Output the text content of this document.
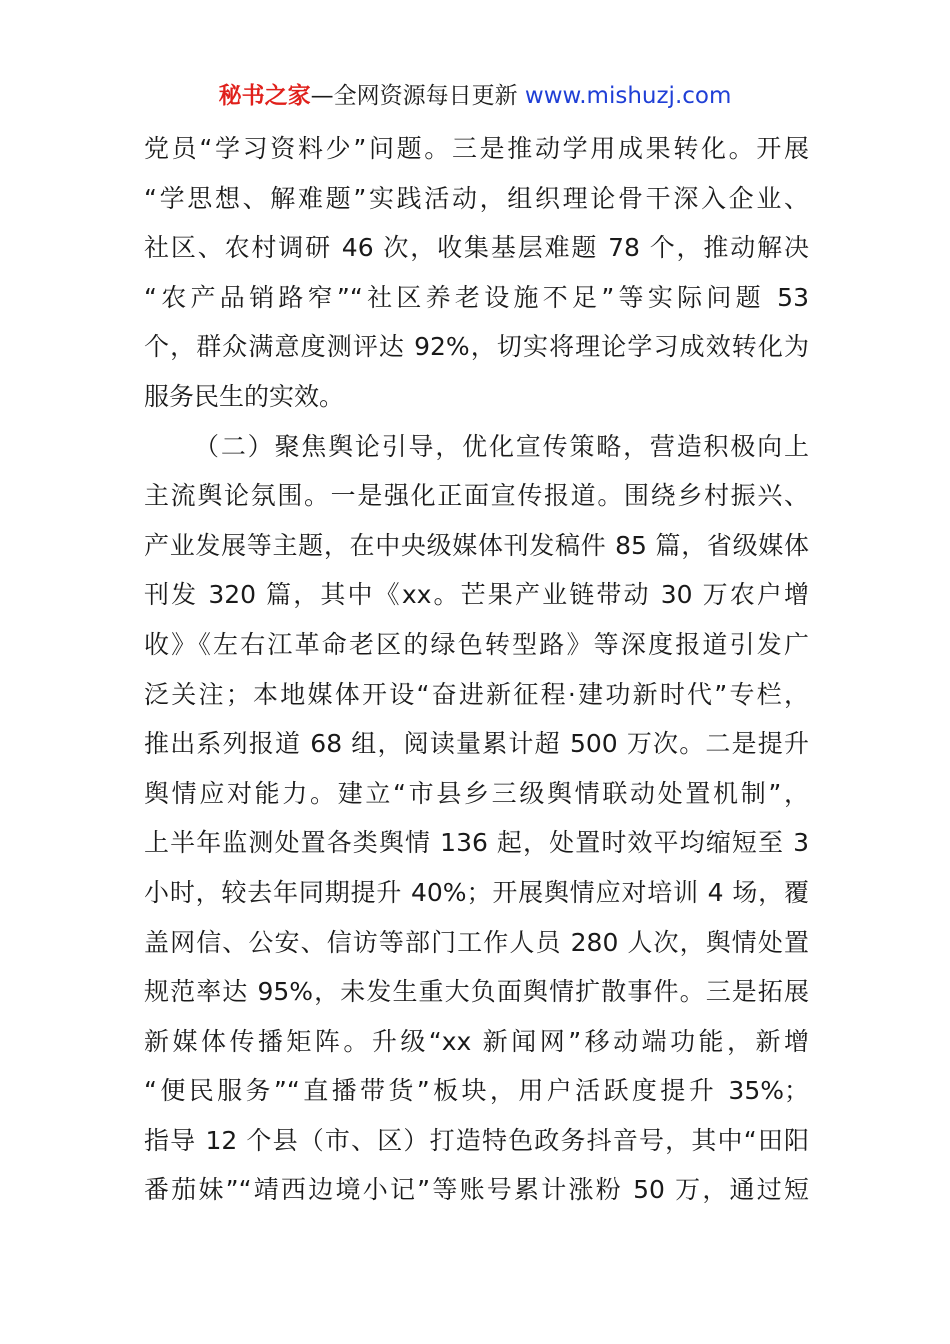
秘书之家—全网资源每日更新 www.mishuzj.com
党员“学习资料少”问题。三是推动学用成果转化。开展
“学思想、解难题”实践活动，组织理论骨干深入企业、
社区、农村调研 46 次，收集基层难题 78 个，推动解决
“农产品销路窄”“社区养老设施不足”等实际问题 53
个，群众满意度测评达 92%，切实将理论学习成效转化为
服务民生的实效。
（二）聚焦舆论引导，优化宣传策略，营造积极向上
主流舆论氛围。一是强化正面宣传报道。围绕乡村振兴、
产业发展等主题，在中央级媒体刊发稿件 85 篇，省级媒体
刊发 320 篇，其中《xx。芒果产业链带动 30 万农户增
收》《左右江革命老区的绿色转型路》等深度报道引发广
泛关注；本地媒体开设“奋进新征程·建功新时代”专栏，
推出系列报道 68 组，阅读量累计超 500 万次。二是提升
舆情应对能力。建立“市县乡三级舆情联动处置机制”，
上半年监测处置各类舆情 136 起，处置时效平均缩短至 3
小时，较去年同期提升 40%；开展舆情应对培训 4 场，覆
盖网信、公安、信访等部门工作人员 280 人次，舆情处置
规范率达 95%，未发生重大负面舆情扩散事件。三是拓展
新媒体传播矩阵。升级“xx 新闻网”移动端功能，新增
“便民服务”“直播带货”板块，用户活跃度提升 35%；
指导 12 个县（市、区）打造特色政务抖音号，其中“田阳
番茄妹”“靖西边境小记”等账号累计涨粉 50 万，通过短
